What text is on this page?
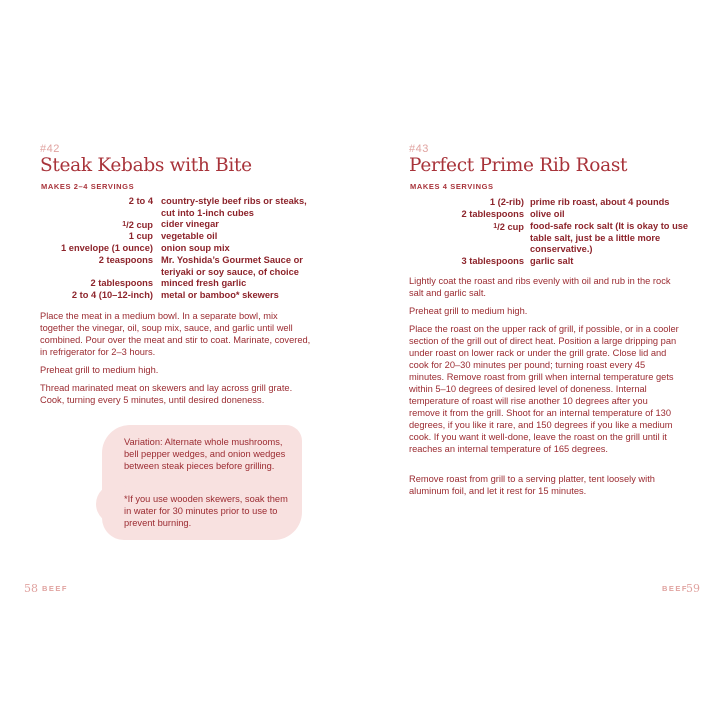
#42
Steak Kebabs with Bite
MAKES 2–4 SERVINGS
2 to 4 country-style beef ribs or steaks, cut into 1-inch cubes
$^1$/2 cup cider vinegar
1 cup vegetable oil
1 envelope (1 ounce) onion soup mix
2 teaspoons Mr. Yoshida’s Gourmet Sauce or teriyaki or soy sauce, of choice
2 tablespoons minced fresh garlic
2 to 4 (10–12-inch) metal or bamboo* skewers
Place the meat in a medium bowl. In a separate bowl, mix together the vinegar, oil, soup mix, sauce, and garlic until well combined. Pour over the meat and stir to coat. Marinate, covered, in refrigerator for 2–3 hours.
Preheat grill to medium high.
Thread marinated meat on skewers and lay across grill grate. Cook, turning every 5 minutes, until desired doneness.
Variation: Alternate whole mushrooms, bell pepper wedges, and onion wedges between steak pieces before grilling.
*If you use wooden skewers, soak them in water for 30 minutes prior to use to prevent burning.
58 BEEF
#43
Perfect Prime Rib Roast
MAKES 4 SERVINGS
1 (2-rib) prime rib roast, about 4 pounds
2 tablespoons olive oil
$^1$/2 cup food-safe rock salt (It is okay to use table salt, just be a little more conservative.)
3 tablespoons garlic salt
Lightly coat the roast and ribs evenly with oil and rub in the rock salt and garlic salt.
Preheat grill to medium high.
Place the roast on the upper rack of grill, if possible, or in a cooler section of the grill out of direct heat. Position a large dripping pan under roast on lower rack or under the grill grate. Close lid and cook for 20–30 minutes per pound; turning roast every 45 minutes. Remove roast from grill when internal temperature gets within 5–10 degrees of desired level of doneness. Internal temperature of roast will rise another 10 degrees after you remove it from the grill. Shoot for an internal temperature of 130 degrees, if you like it rare, and 150 degrees if you like a medium cook. If you want it well-done, leave the roast on the grill until it reaches an internal temperature of 165 degrees.
Remove roast from grill to a serving platter, tent loosely with aluminum foil, and let it rest for 15 minutes.
BEEF
59
